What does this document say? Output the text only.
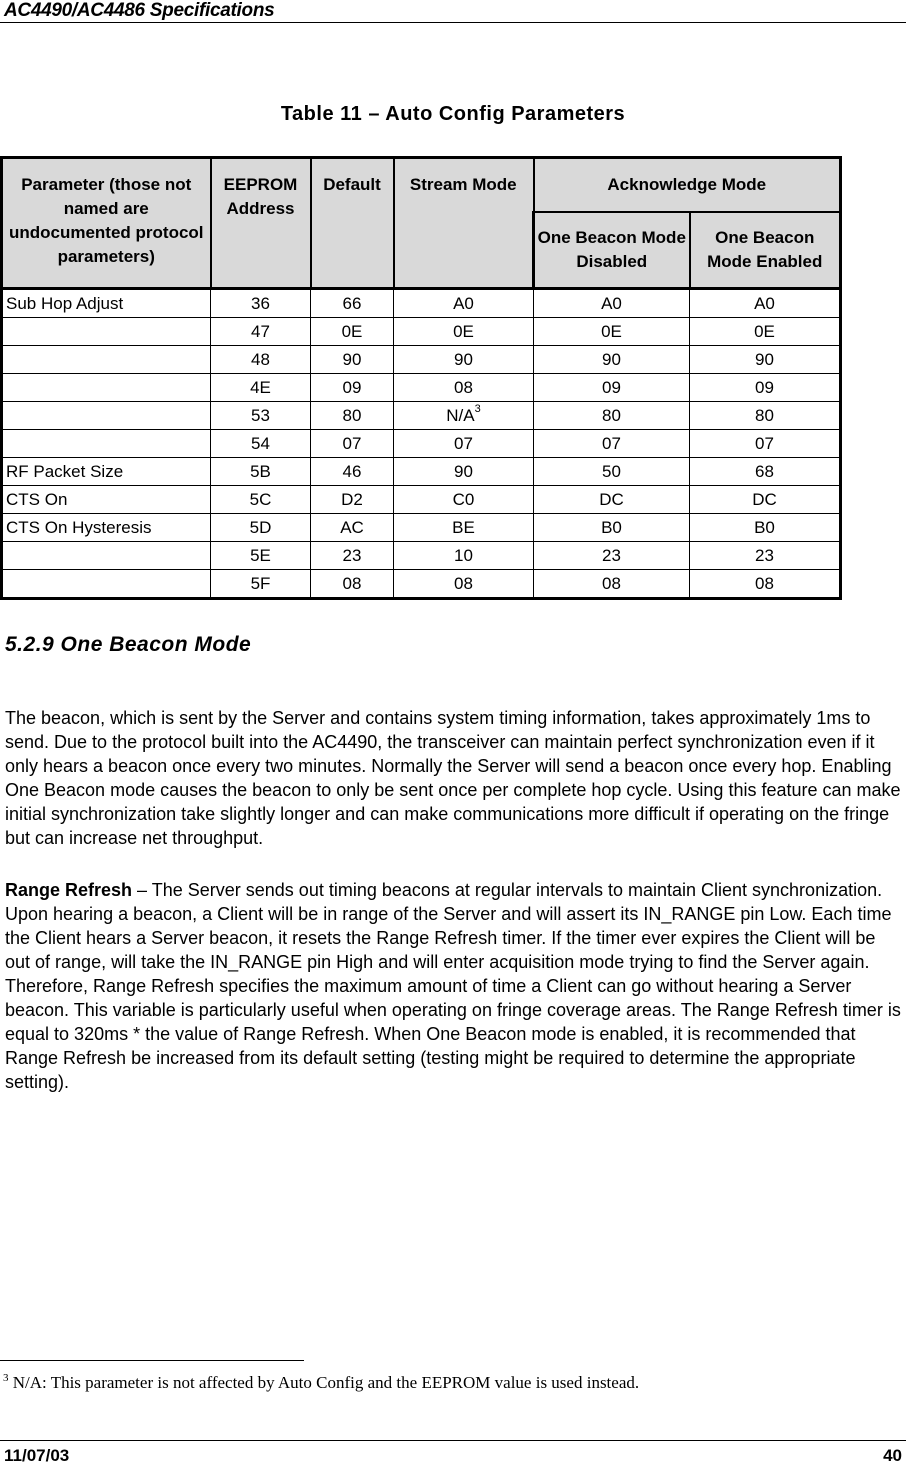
AC4490/AC4486 Specifications
Table 11 – Auto Config Parameters
Parameter (those not named are undocumented protocol parameters)	EEPROM Address	Default	Stream Mode	Acknowledge Mode	
				One Beacon Mode Disabled	One Beacon Mode Enabled
Sub Hop Adjust	36	66	A0	A0	A0
	47	0E	0E	0E	0E
	48	90	90	90	90
	4E	09	08	09	09
	53	80	$N/A^3$	80	80
	54	07	07	07	07
RF Packet Size	5B	46	90	50	68
CTS On	5C	D2	C0	DC	DC
CTS On Hysteresis	5D	AC	BE	B0	B0
	5E	23	10	23	23
	5F	08	08	08	08
5.2.9 One Beacon Mode

The beacon, which is sent by the Server and contains system timing information, takes approximately 1ms to send. Due to the protocol built into the AC4490, the transceiver can maintain perfect synchronization even if it only hears a beacon once every two minutes. Normally the Server will send a beacon once every hop. Enabling One Beacon mode causes the beacon to only be sent once per complete hop cycle. Using this feature can make initial synchronization take slightly longer and can make communications more difficult if operating on the fringe but can increase net throughput.

Range Refresh – The Server sends out timing beacons at regular intervals to maintain Client synchronization. Upon hearing a beacon, a Client will be in range of the Server and will assert its IN_RANGE pin Low. Each time the Client hears a Server beacon, it resets the Range Refresh timer. If the timer ever expires the Client will be out of range, will take the IN_RANGE pin High and will enter acquisition mode trying to find the Server again. Therefore, Range Refresh specifies the maximum amount of time a Client can go without hearing a Server beacon. This variable is particularly useful when operating on fringe coverage areas. The Range Refresh timer is equal to 320ms * the value of Range Refresh. When One Beacon mode is enabled, it is recommended that Range Refresh be increased from its default setting (testing might be required to determine the appropriate setting).

$^3$ N/A: This parameter is not affected by Auto Config and the EEPROM value is used instead.
11/07/03	40
